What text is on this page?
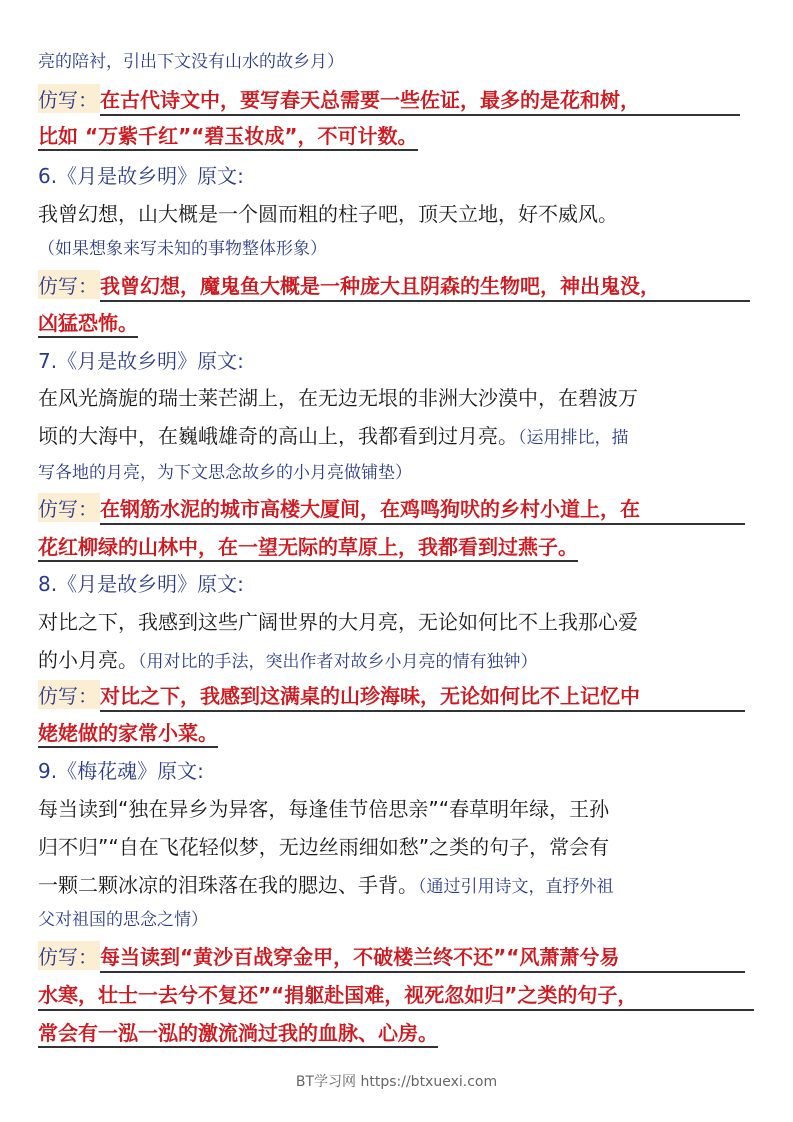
亮的陪衬，引出下文没有山水的故乡月）
仿写： 在古代诗文中，要写春天总需要一些佐证，最多的是花和树，
比如 “万紫千红”“碧玉妆成”，不可计数。
6.《月是故乡明》原文:
我曾幻想，山大概是一个圆而粗的柱子吧，顶天立地，好不威风。
（如果想象来写未知的事物整体形象）
仿写： 我曾幻想，魔鬼鱼大概是一种庞大且阴森的生物吧，神出鬼没，
凶猛恐怖。
7.《月是故乡明》原文:
在风光旖旎的瑞士莱芒湖上，在无边无垠的非洲大沙漠中，在碧波万
顷的大海中，在巍峨雄奇的高山上，我都看到过月亮。（运用排比，描
写各地的月亮，为下文思念故乡的小月亮做铺垫）
仿写： 在钢筋水泥的城市高楼大厦间，在鸡鸣狗吠的乡村小道上，在
花红柳绿的山林中，在一望无际的草原上，我都看到过燕子。
8.《月是故乡明》原文:
对比之下，我感到这些广阔世界的大月亮，无论如何比不上我那心爱
的小月亮。（用对比的手法，突出作者对故乡小月亮的情有独钟）
仿写： 对比之下，我感到这满桌的山珍海味，无论如何比不上记忆中
姥姥做的家常小菜。
9.《梅花魂》原文:
每当读到“独在异乡为异客，每逢佳节倍思亲”“春草明年绿，王孙
归不归”“自在飞花轻似梦，无边丝雨细如愁”之类的句子，常会有
一颗二颗冰凉的泪珠落在我的腮边、手背。（通过引用诗文，直抒外祖
父对祖国的思念之情）
仿写： 每当读到“黄沙百战穿金甲，不破楼兰终不还”“风萧萧兮易
水寒，壮士一去兮不复还”“捐躯赴国难，视死忽如归”之类的句子，
常会有一泓一泓的激流淌过我的血脉、心房。
BT学习网 https://btxuexi.com
